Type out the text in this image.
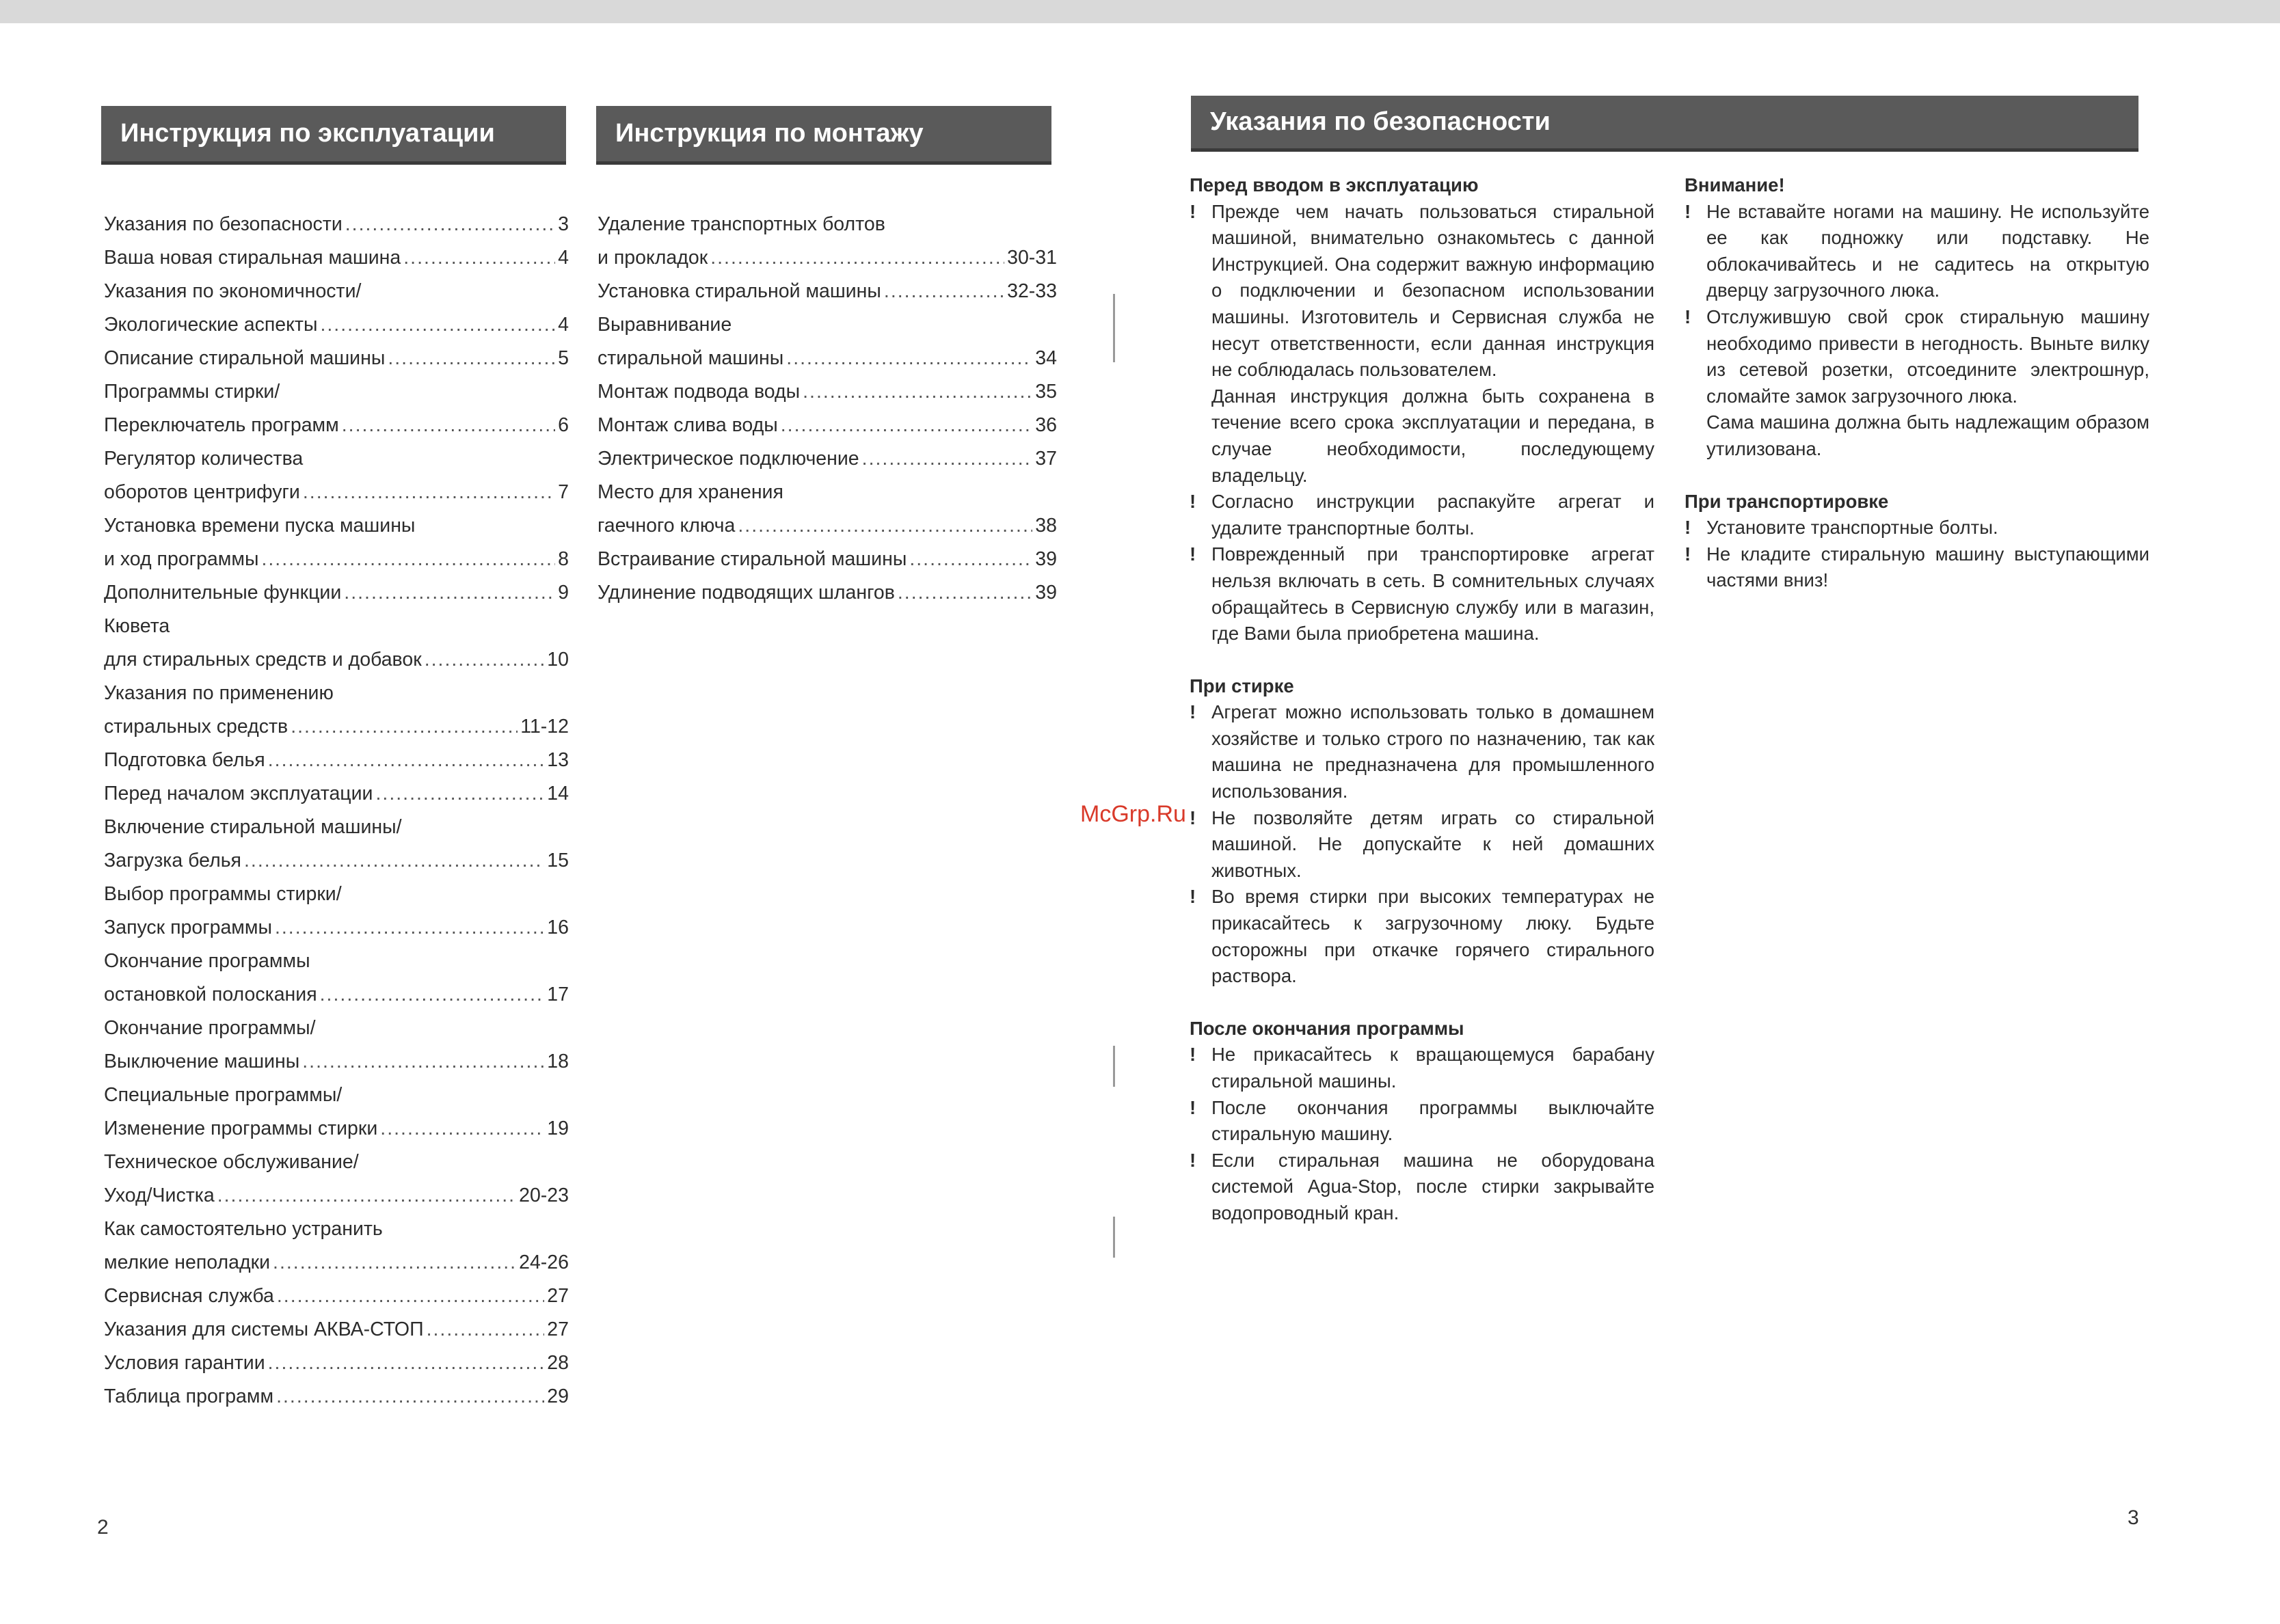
Инструкция по эксплуатации	Инструкция по монтажу	Указания по безопасности
Указания по безопасности .....	3
Ваша новая стиральная машина .....	4
Указания по экономичности/
Экологические аспекты .....	4
Описание стиральной машины .....	5
Программы стирки/
Переключатель программ .....	6
Регулятор количества
оборотов центрифуги .....	7
Установка времени пуска машины
и ход программы .....	8
Дополнительные функции .....	9
Кювета
для стиральных средств и добавок .....	10
Указания по применению
стиральных средств .....	11-12
Подготовка белья .....	13
Перед началом эксплуатации .....	14
Включение стиральной машины/
Загрузка белья .....	15
Выбор программы стирки/
Запуск программы .....	16
Окончание программы
остановкой полоскания .....	17
Окончание программы/
Выключение машины .....	18
Специальные программы/
Изменение программы стирки .....	19
Техническое обслуживание/
Уход/Чистка .....	20-23
Как самостоятельно устранить
мелкие неполадки .....	24-26
Сервисная служба .....	27
Указания для системы АКВА-СТОП .....	27
Условия гарантии .....	28
Таблица программ .....	29
Удаление транспортных болтов
и прокладок .....	30-31
Установка стиральной машины .....	32-33
Выравнивание
стиральной машины .....	34
Монтаж подвода воды .....	35
Монтаж слива воды .....	36
Электрическое подключение .....	37
Место для хранения
гаечного ключа .....	38
Встраивание стиральной машины .....	39
Удлинение подводящих шлангов .....	39

Перед вводом в эксплуатацию

! Прежде чем начать пользоваться стиральной машиной, внимательно ознакомьтесь с данной Инструкцией. Она содержит важную информацию о подключении и безопасном использовании машины. Изготовитель и Сервисная служба не несут ответственности, если данная инструкция не соблюдалась пользователем.
Данная инструкция должна быть сохранена в течение всего срока эксплуатации и передана, в случае необходимости, последующему владельцу.
! Согласно инструкции распакуйте агрегат и удалите транспортные болты.
! Поврежденный при транспортировке агрегат нельзя включать в сеть. В сомнительных случаях обращайтесь в Сервисную службу или в магазин, где Вами была приобретена машина.

При стирке

! Агрегат можно использовать только в домашнем хозяйстве и только строго по назначению, так как машина не предназначена для промышленного использования.
! Не позволяйте детям играть со стиральной машиной. Не допускайте к ней домашних животных.
! Во время стирки при высоких температурах не прикасайтесь к загрузочному люку. Будьте осторожны при откачке горячего стирального раствора.

После окончания программы

! Не прикасайтесь к вращающемуся барабану стиральной машины.
! После окончания программы выключайте стиральную машину.
! Если стиральная машина не оборудована системой Agua-Stop, после стирки закрывайте водопроводный кран.

Внимание!

! Не вставайте ногами на машину. Не используйте ее как подножку или подставку. Не облокачивайтесь и не садитесь на открытую дверцу загрузочного люка.
! Отслужившую свой срок стиральную машину необходимо привести в негодность. Выньте вилку из сетевой розетки, отсоедините электрошнур, сломайте замок загрузочного люка.
Сама машина должна быть надлежащим образом утилизована.

При транспортировке

! Установите транспортные болты.
! Не кладите стиральную машину выступающими частями вниз!
McGrp.Ru
2	3
